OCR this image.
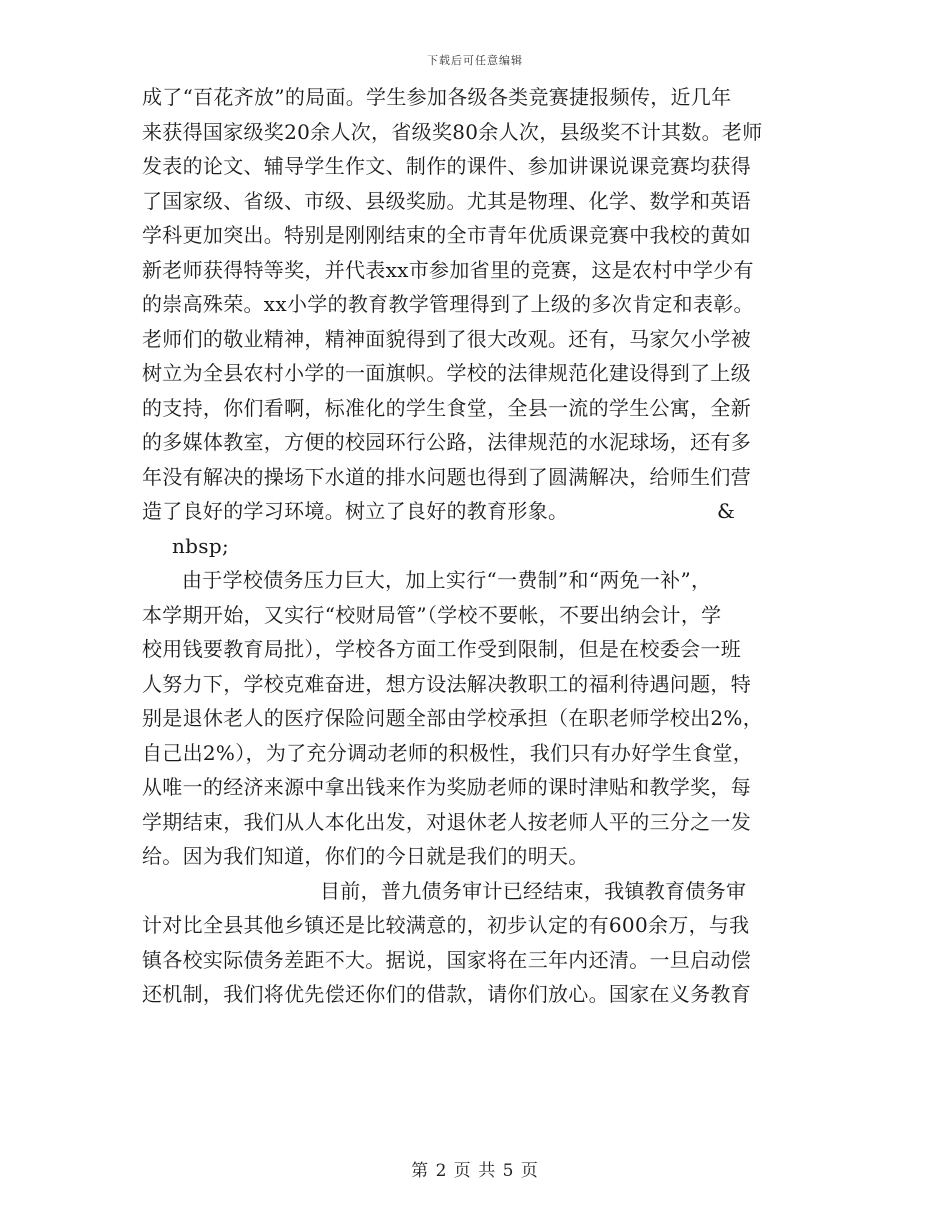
下载后可任意编辑
成了“百花齐放”的局面。学生参加各级各类竞赛捷报频传，近几年
来获得国家级奖20余人次，省级奖80余人次，县级奖不计其数。老师
发表的论文、辅导学生作文、制作的课件、参加讲课说课竞赛均获得
了国家级、省级、市级、县级奖励。尤其是物理、化学、数学和英语
学科更加突出。特别是刚刚结束的全市青年优质课竞赛中我校的黄如
新老师获得特等奖，并代表xx市参加省里的竞赛，这是农村中学少有
的崇高殊荣。xx小学的教育教学管理得到了上级的多次肯定和表彰。
老师们的敬业精神，精神面貌得到了很大改观。还有，马家欠小学被
树立为全县农村小学的一面旗帜。学校的法律规范化建设得到了上级
的支持，你们看啊，标准化的学生食堂，全县一流的学生公寓，全新
的多媒体教室，方便的校园环行公路，法律规范的水泥球场，还有多
年没有解决的操场下水道的排水问题也得到了圆满解决，给师生们营
造了良好的学习环境。树立了良好的教育形象。	&
nbsp;
由于学校债务压力巨大，加上实行“一费制”和“两免一补”，
本学期开始，又实行“校财局管”（学校不要帐，不要出纳会计，学
校用钱要教育局批），学校各方面工作受到限制，但是在校委会一班
人努力下，学校克难奋进，想方设法解决教职工的福利待遇问题，特
别是退休老人的医疗保险问题全部由学校承担（在职老师学校出2%，
自己出2%），为了充分调动老师的积极性，我们只有办好学生食堂，
从唯一的经济来源中拿出钱来作为奖励老师的课时津贴和教学奖，每
学期结束，我们从人本化出发，对退休老人按老师人平的三分之一发
给。因为我们知道，你们的今日就是我们的明天。
目前，普九债务审计已经结束，我镇教育债务审
计对比全县其他乡镇还是比较满意的，初步认定的有600余万，与我
镇各校实际债务差距不大。据说，国家将在三年内还清。一旦启动偿
还机制，我们将优先偿还你们的借款，请你们放心。国家在义务教育
第 2 页 共 5 页
